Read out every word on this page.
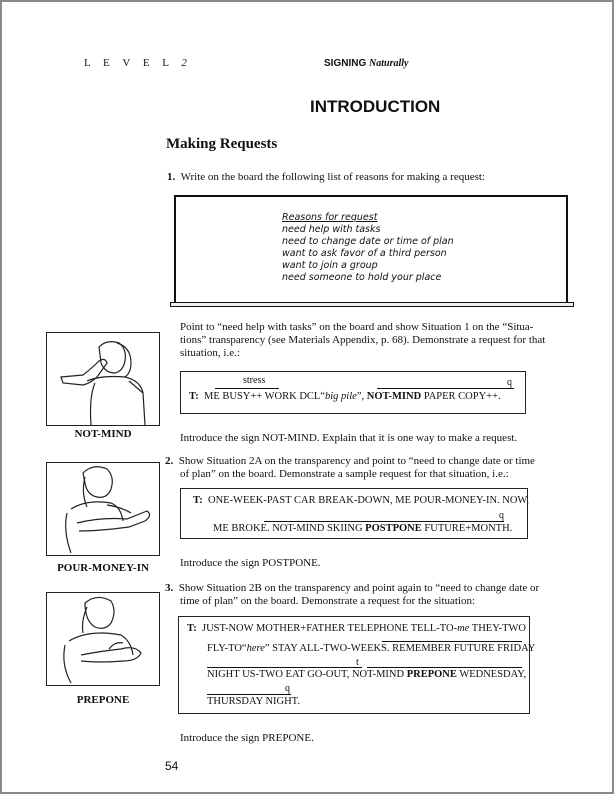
L E V E L 2	SIGNING Naturally
INTRODUCTION
Making Requests
1. Write on the board the following list of reasons for making a request:
Reasons for request
need help with tasks
need to change date or time of plan
want to ask favor of a third person
want to join a group
need someone to hold your place
Point to “need help with tasks” on the board and show Situation 1 on the “Situa-
tions” transparency (see Materials Appendix, p. 68). Demonstrate a request for that
situation, i.e.:
stress	q
T: ME BUSY++ WORK DCL“big pile”, NOT-MIND PAPER COPY++.
Introduce the sign NOT-MIND. Explain that it is one way to make a request.
2. Show Situation 2A on the transparency and point to “need to change date or time
of plan” on the board. Demonstrate a sample request for that situation, i.e.:
T: ONE-WEEK-PAST CAR BREAK-DOWN, ME POUR-MONEY-IN. NOW,
q
ME BROKE. NOT-MIND SKIING POSTPONE FUTURE+MONTH.
Introduce the sign POSTPONE.
3. Show Situation 2B on the transparency and point again to “need to change date or
time of plan” on the board. Demonstrate a request for the situation:
T: JUST-NOW MOTHER+FATHER TELEPHONE TELL-TO-me THEY-TWO
FLY-TO“here” STAY ALL-TWO-WEEKS. REMEMBER FUTURE FRIDAY
t
NIGHT US-TWO EAT GO-OUT, NOT-MIND PREPONE WEDNESDAY,
q
THURSDAY NIGHT.
Introduce the sign PREPONE.
NOT-MIND
POUR-MONEY-IN
PREPONE
54
